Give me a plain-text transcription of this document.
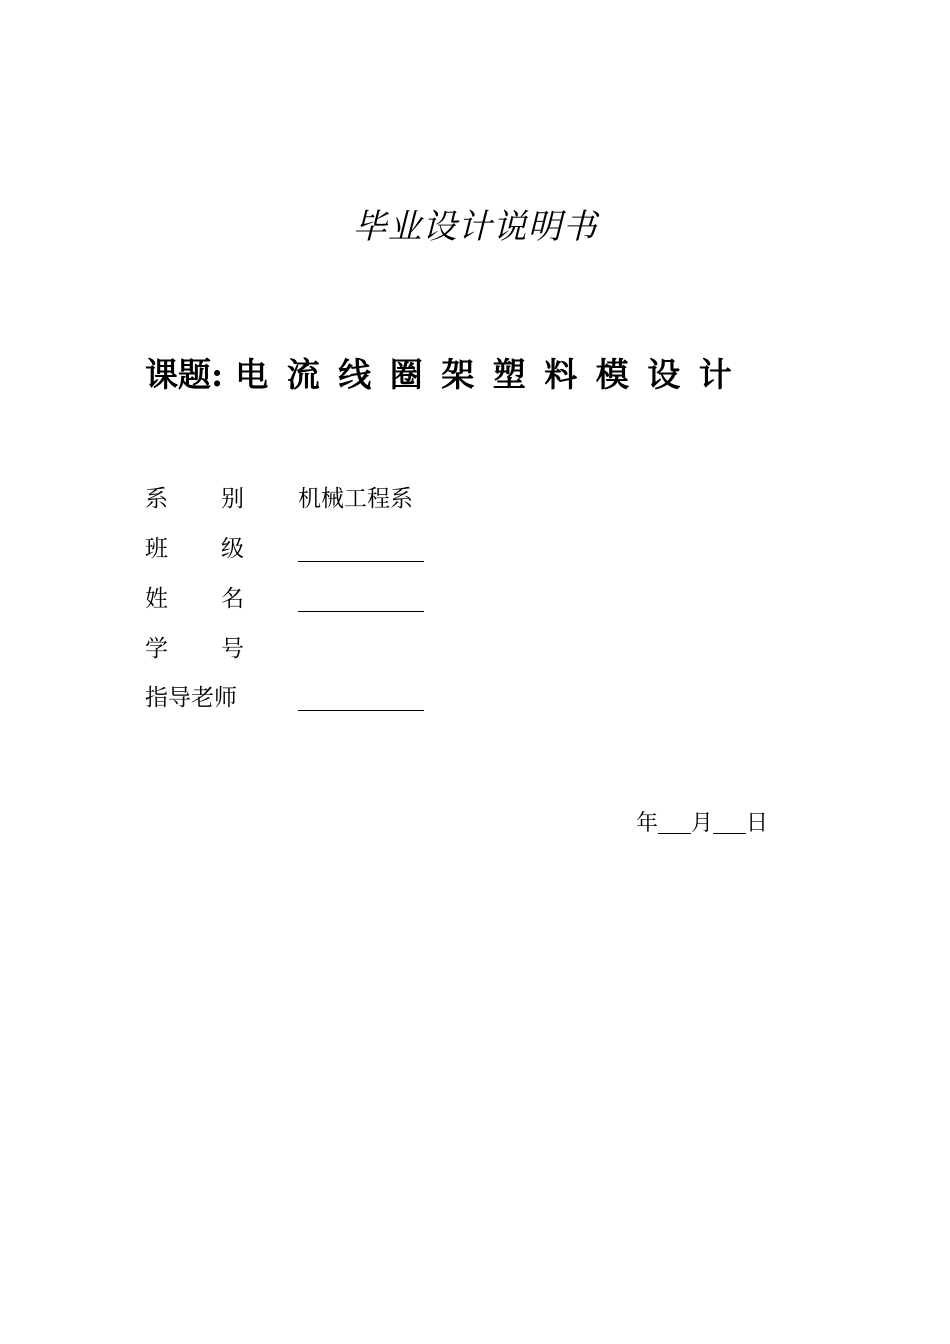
毕业设计说明书
课题: 电流线圈架塑料模设计
系 别 机械工程系
班 级
姓 名
学 号
指导老师
年 月 日
